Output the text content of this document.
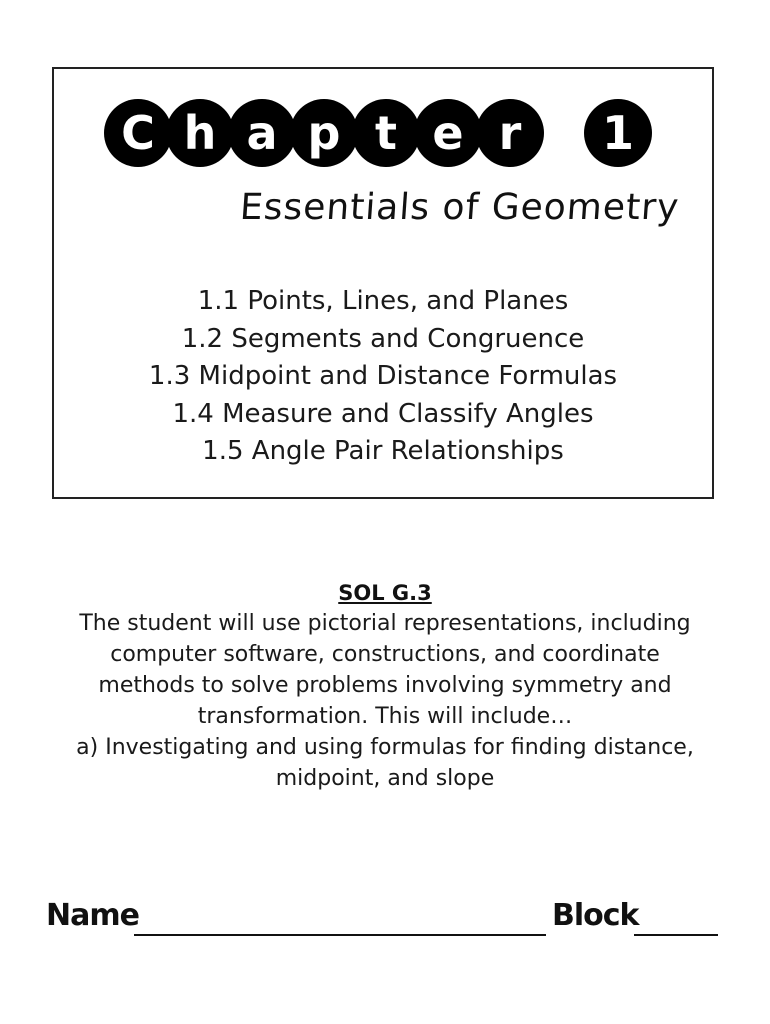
C h a p t e r	1
Essentials of Geometry
1.1 Points, Lines, and Planes
1.2 Segments and Congruence
1.3 Midpoint and Distance Formulas
1.4 Measure and Classify Angles
1.5 Angle Pair Relationships
SOL G.3
The student will use pictorial representations, including
computer software, constructions, and coordinate
methods to solve problems involving symmetry and
transformation. This will include…
a) Investigating and using formulas for finding distance,
midpoint, and slope
Name	Block
